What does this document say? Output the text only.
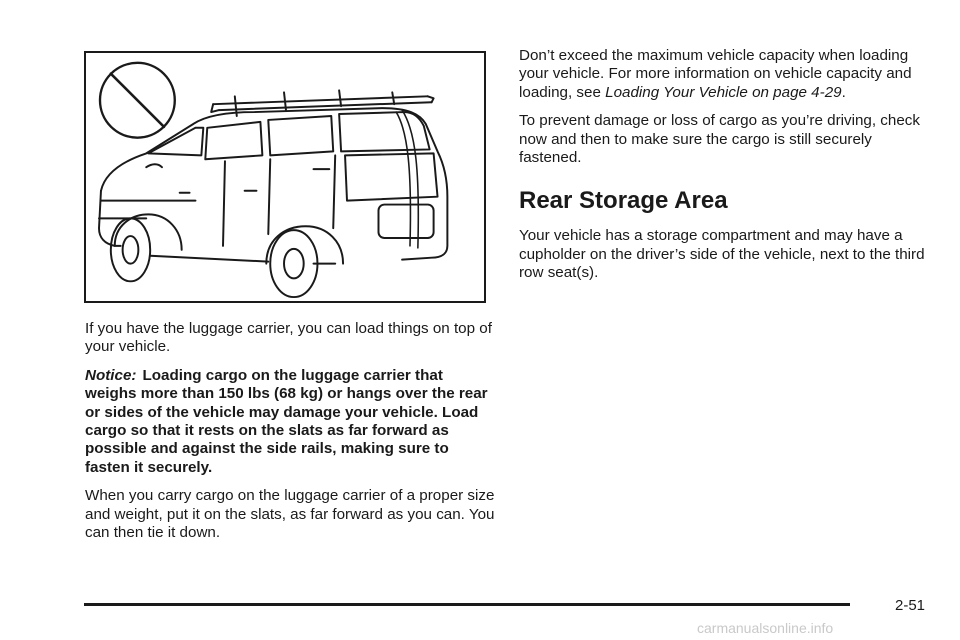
If you have the luggage carrier, you can load things on top of your vehicle.

Notice: Loading cargo on the luggage carrier that weighs more than 150 lbs (68 kg) or hangs over the rear or sides of the vehicle may damage your vehicle. Load cargo so that it rests on the slats as far forward as possible and against the side rails, making sure to fasten it securely.

When you carry cargo on the luggage carrier of a proper size and weight, put it on the slats, as far forward as you can. You can then tie it down.

Don’t exceed the maximum vehicle capacity when loading your vehicle. For more information on vehicle capacity and loading, see Loading Your Vehicle on page 4-29.

To prevent damage or loss of cargo as you’re driving, check now and then to make sure the cargo is still securely fastened.

Rear Storage Area

Your vehicle has a storage compartment and may have a cupholder on the driver’s side of the vehicle, next to the third row seat(s).

2-51
carmanualsonline.info
